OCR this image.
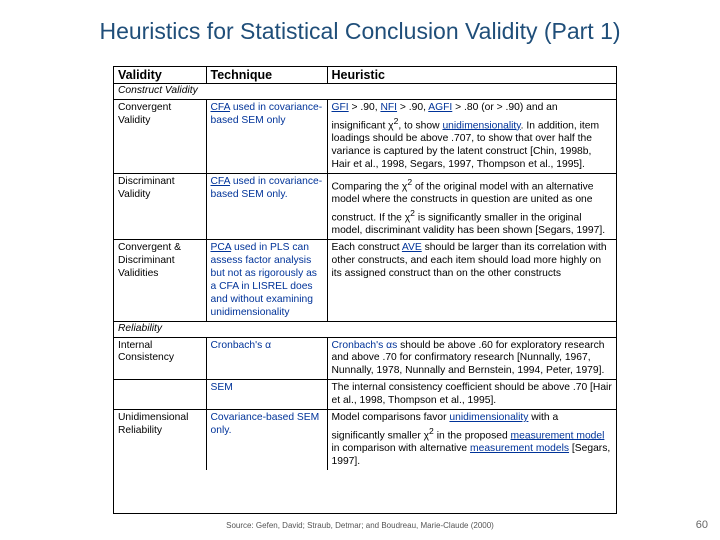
Heuristics for Statistical Conclusion Validity (Part 1)
Validity	Technique	Heuristic
Construct Validity		
Convergent Validity	CFA used in covariance-based SEM only	GFI > .90, NFI > .90, AGFI > .80 (or > .90) and an insignificant $\chi^2$, to show unidimensionality. In addition, item loadings should be above .707, to show that over half the variance is captured by the latent construct [Chin, 1998b, Hair et al., 1998, Segars, 1997, Thompson et al., 1995].
Discriminant Validity	CFA used in covariance-based SEM only.	Comparing the $\chi^2$ of the original model with an alternative model where the constructs in question are united as one construct. If the $\chi^2$ is significantly smaller in the original model, discriminant validity has been shown [Segars, 1997].
Convergent & Discriminant Validities	PCA used in PLS can assess factor analysis but not as rigorously as a CFA in LISREL does and without examining unidimensionality	Each construct AVE should be larger than its correlation with other constructs, and each item should load more highly on its assigned construct than on the other constructs
Reliability		
Internal Consistency	Cronbach's α	Cronbach's αs should be above .60 for exploratory research and above .70 for confirmatory research [Nunnally, 1967, Nunnally, 1978, Nunnally and Bernstein, 1994, Peter, 1979].
	SEM	The internal consistency coefficient should be above .70 [Hair et al., 1998, Thompson et al., 1995].
Unidimensional Reliability	Covariance-based SEM only.	Model comparisons favor unidimensionality with a significantly smaller $\chi^2$ in the proposed measurement model in comparison with alternative measurement models [Segars, 1997].
Source: Gefen, David; Straub, Detmar; and Boudreau, Marie-Claude (2000)	60
